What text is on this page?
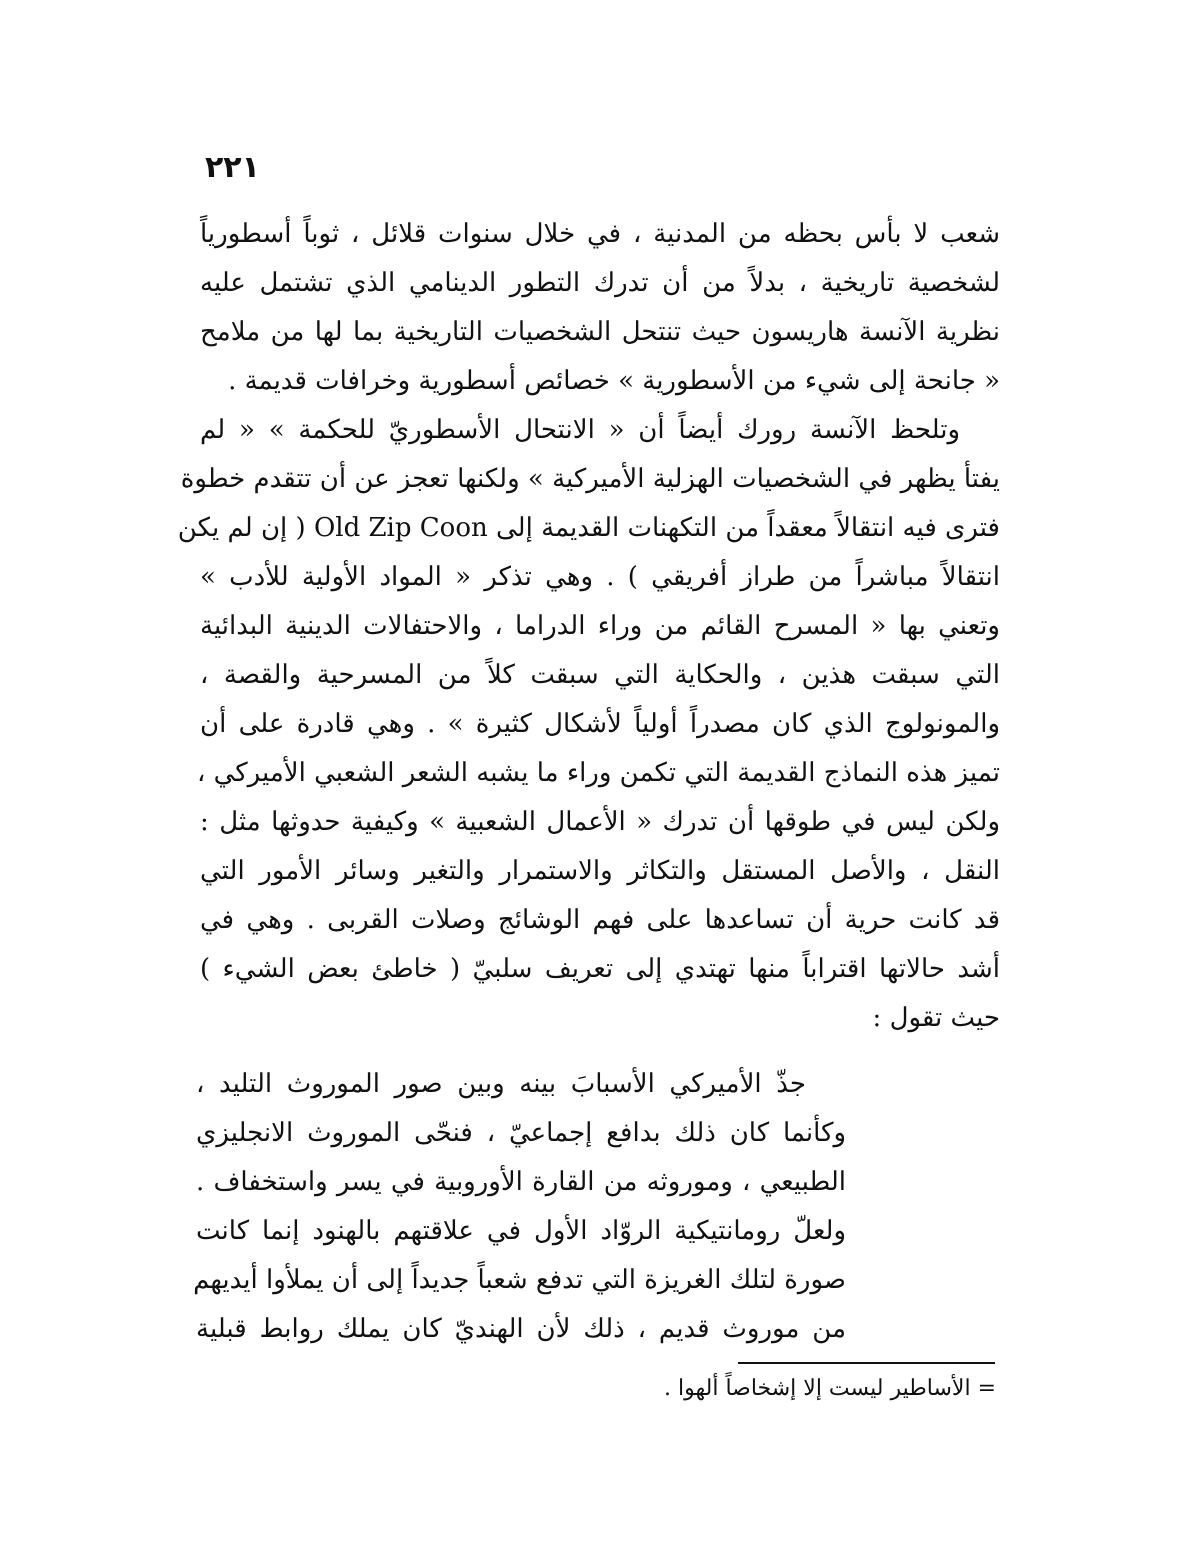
٢٢١
شعب لا بأس بحظه من المدنية ، في خلال سنوات قلائل ، ثوباً أسطورياً
لشخصية تاريخية ، بدلاً من أن تدرك التطور الدينامي الذي تشتمل عليه
نظرية الآنسة هاريسون حيث تنتحل الشخصيات التاريخية بما لها من ملامح
« جانحة إلى شيء من الأسطورية » خصائص أسطورية وخرافات قديمة .
وتلحظ الآنسة رورك أيضاً أن « الانتحال الأسطوريّ للحكمة » « لم
يفتأ يظهر في الشخصيات الهزلية الأميركية » ولكنها تعجز عن أن تتقدم خطوة
فترى فيه انتقالاً معقداً من التكهنات القديمة إلى Old Zip Coon ( إن لم يكن
انتقالاً مباشراً من طراز أفريقي ) . وهي تذكر « المواد الأولية للأدب »
وتعني بها « المسرح القائم من وراء الدراما ، والاحتفالات الدينية البدائية
التي سبقت هذين ، والحكاية التي سبقت كلاً من المسرحية والقصة ،
والمونولوج الذي كان مصدراً أولياً لأشكال كثيرة » . وهي قادرة على أن
تميز هذه النماذج القديمة التي تكمن وراء ما يشبه الشعر الشعبي الأميركي ،
ولكن ليس في طوقها أن تدرك « الأعمال الشعبية » وكيفية حدوثها مثل :
النقل ، والأصل المستقل والتكاثر والاستمرار والتغير وسائر الأمور التي
قد كانت حرية أن تساعدها على فهم الوشائج وصلات القربى . وهي في
أشد حالاتها اقتراباً منها تهتدي إلى تعريف سلبيّ ( خاطئ بعض الشيء )
حيث تقول :
جذّ الأميركي الأسبابَ بينه وبين صور الموروث التليد ،
وكأنما كان ذلك بدافع إجماعيّ ، فنحّى الموروث الانجليزي
الطبيعي ، وموروثه من القارة الأوروبية في يسر واستخفاف .
ولعلّ رومانتيكية الروّاد الأول في علاقتهم بالهنود إنما كانت
صورة لتلك الغريزة التي تدفع شعباً جديداً إلى أن يملأوا أيديهم
من موروث قديم ، ذلك لأن الهنديّ كان يملك روابط قبلية
= الأساطير ليست إلا إشخاصاً ألهوا .
